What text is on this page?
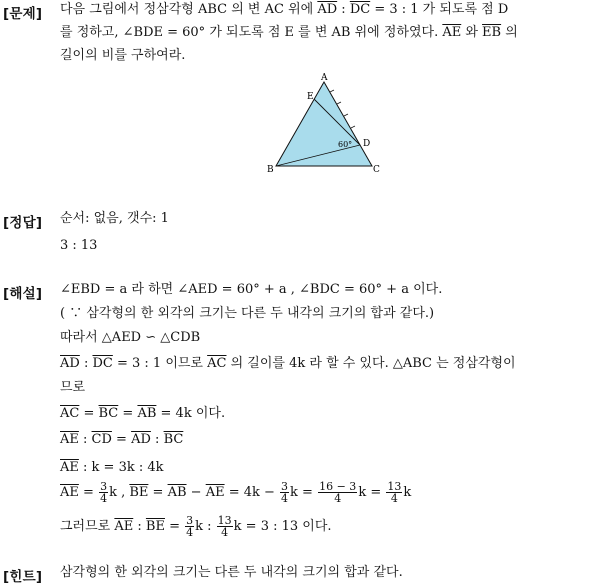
[문제] 다음 그림에서 정삼각형 ABC 의 변 AC 위에 $\overline{AD}$ : $\overline{DC} = 3$ : 1 가 되도록 점 D
를 정하고, ∠BDE = 60° 가 되도록 점 E 를 변 AB 위에 정하였다. $\overline{AE}$ 와 $\overline{EB}$ 의
길이의 비를 구하여라.
A
E
D
B	C
60°
[정답] 순서: 없음, 갯수: 1
3 : 13
[해설] ∠EBD = a 라 하면 ∠AED = 60° + a , ∠BDC = 60° + a 이다.
( ∵ 삼각형의 한 외각의 크기는 다른 두 내각의 크기의 합과 같다.)
따라서 △AED ∽ △CDB
$\overline{AD}$ : $\overline{DC} = 3$ : 1 이므로 $\overline{AC}$ 의 길이를 4k 라 할 수 있다. △ABC 는 정삼각형이
므로
$\overline{AC} = \overline{BC} = \overline{AB} = 4k$ 이다.
$\overline{AE}$ : $\overline{CD} = \overline{AD}$ : $\overline{BC}$
$\overline{AE}$ : k = 3k : 4k
$\overline{AE} = \frac{3}{4}$ k , $\overline{BE} = \overline{AB} - \overline{AE} = 4k - \frac{3}{4}$ $k = \frac{16 - 3}{4}$ $k = \frac{13}{4}$ k
그러므로 $\overline{AE}$ : $\overline{BE} = \frac{3}{4}$ k : $\frac{13}{4}$ k = 3 : 13 이다.
[힌트] 삼각형의 한 외각의 크기는 다른 두 내각의 크기의 합과 같다.
